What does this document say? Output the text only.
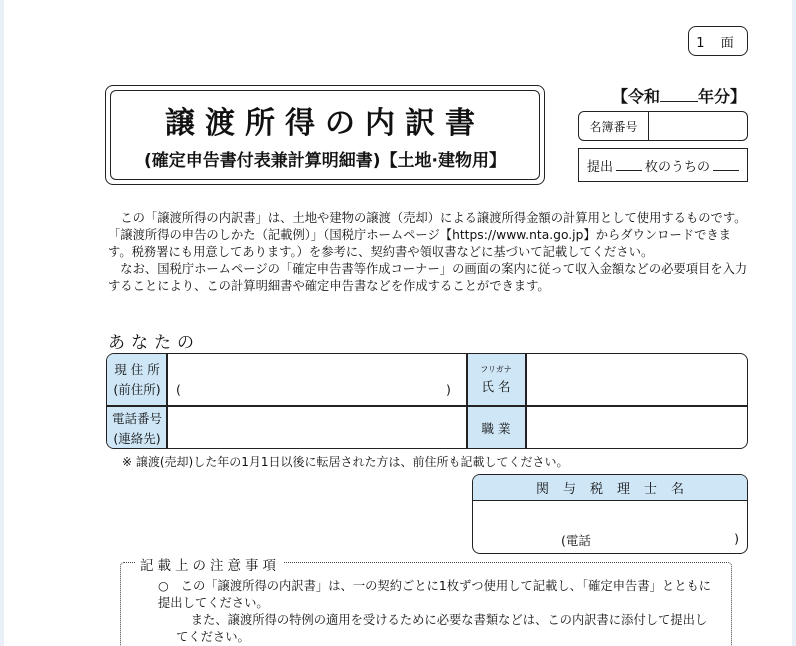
1 面
譲渡所得の内訳書
(確定申告書付表兼計算明細書)【土地·建物用】
【令和 年分】
名簿番号
提出 枚のうちの

この「譲渡所得の内訳書」は、土地や建物の譲渡（売却）による譲渡所得金額の計算用として使用するものです。「譲渡所得の申告のしかた（記載例）」（国税庁ホームページ【https://www.nta.go.jp】からダウンロードできます。税務署にも用意してあります。）を参考に、契約書や領収書などに基づいて記載してください。

なお、国税庁ホームページの「確定申告書等作成コーナー」の画面の案内に従って収入金額などの必要項目を入力することにより、この計算明細書や確定申告書などを作成することができます。

あなたの
現 住 所
(前住所) (	)
フリガナ
氏 名
電話番号
(連絡先)
職 業
※ 譲渡(売却)した年の1月1日以後に転居された方は、前住所も記載してください。
関与税理士名
(電話	)
記載上の注意事項
○ この「譲渡所得の内訳書」は、一の契約ごとに1枚ずつ使用して記載し、「確定申告書」とともに提出してください。
また、譲渡所得の特例の適用を受けるために必要な書類などは、この内訳書に添付して提出してください。
